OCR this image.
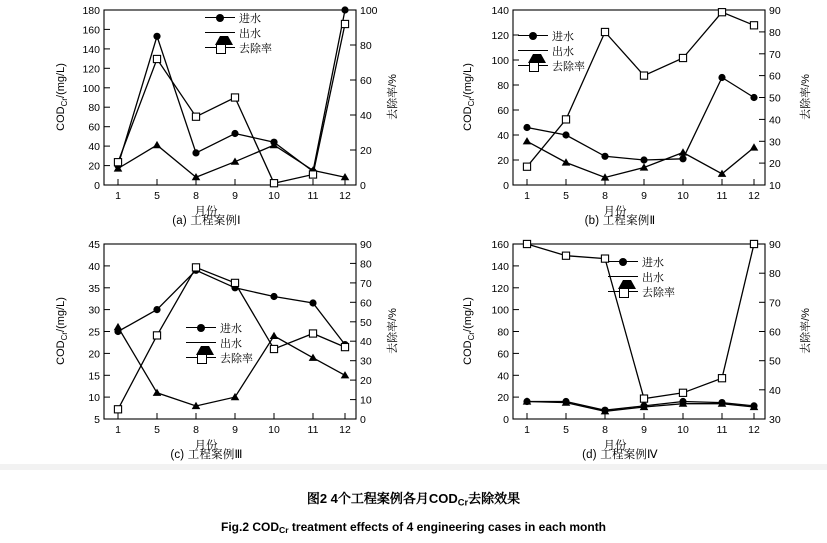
0
20
40
60
80
100
120
140
160
180
0
20
40
60
80
100
1	5	8	9	10	11 12
月份
$COD_{Cr}/(mg/L)$	去除率/%
进水
出水
去除率
(a) 工程案例Ⅰ
0
20
40
60
80
100
120
140
10
20
30
40
50
60
70
80
90
1	5	8	9	10	11 12
月份
$COD_{Cr}/(mg/L)$	去除率/%
进水
出水
去除率
(b) 工程案例Ⅱ
5
10
15
20
25
30
35
40
45
0
10
20
30
40
50
60
70
80
90
1	5	8	9	10	11 12
月份
$COD_{Cr}/(mg/L)$	去除率/%
进水
出水
去除率
(c) 工程案例Ⅲ
0
20
40
60
80
100
120
140
160
30
40
50
60
70
80
90
1	5	8	9	10	11 12
月份
$COD_{Cr}/(mg/L)$	去除率/%
进水
出水
去除率
(d) 工程案例Ⅳ
图2 4个工程案例各月$COD_{Cr}$去除效果
Fig.2 $COD_{Cr}$ treatment effects of 4 engineering cases in each month
